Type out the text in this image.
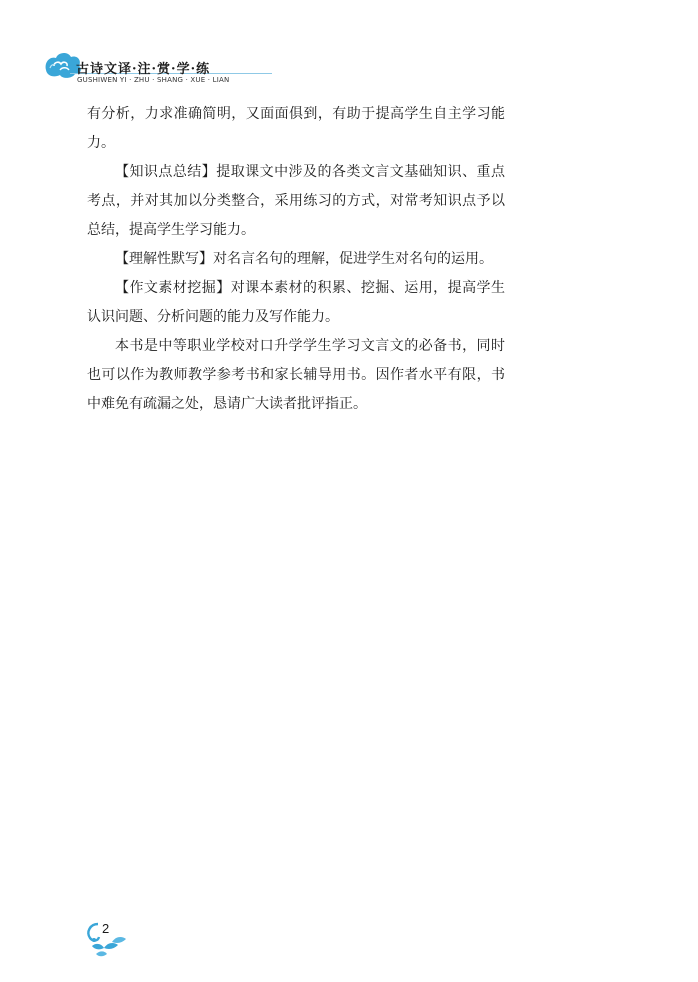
古诗文译·注·赏·学·练
GUSHIWEN YI · ZHU · SHANG · XUE · LIAN

有分析，力求准确简明，又面面俱到，有助于提高学生自主学习能力。

【知识点总结】提取课文中涉及的各类文言文基础知识、重点考点，并对其加以分类整合，采用练习的方式，对常考知识点予以总结，提高学生学习能力。

【理解性默写】对名言名句的理解，促进学生对名句的运用。

【作文素材挖掘】对课本素材的积累、挖掘、运用，提高学生认识问题、分析问题的能力及写作能力。

本书是中等职业学校对口升学学生学习文言文的必备书，同时也可以作为教师教学参考书和家长辅导用书。因作者水平有限，书中难免有疏漏之处，恳请广大读者批评指正。

2
